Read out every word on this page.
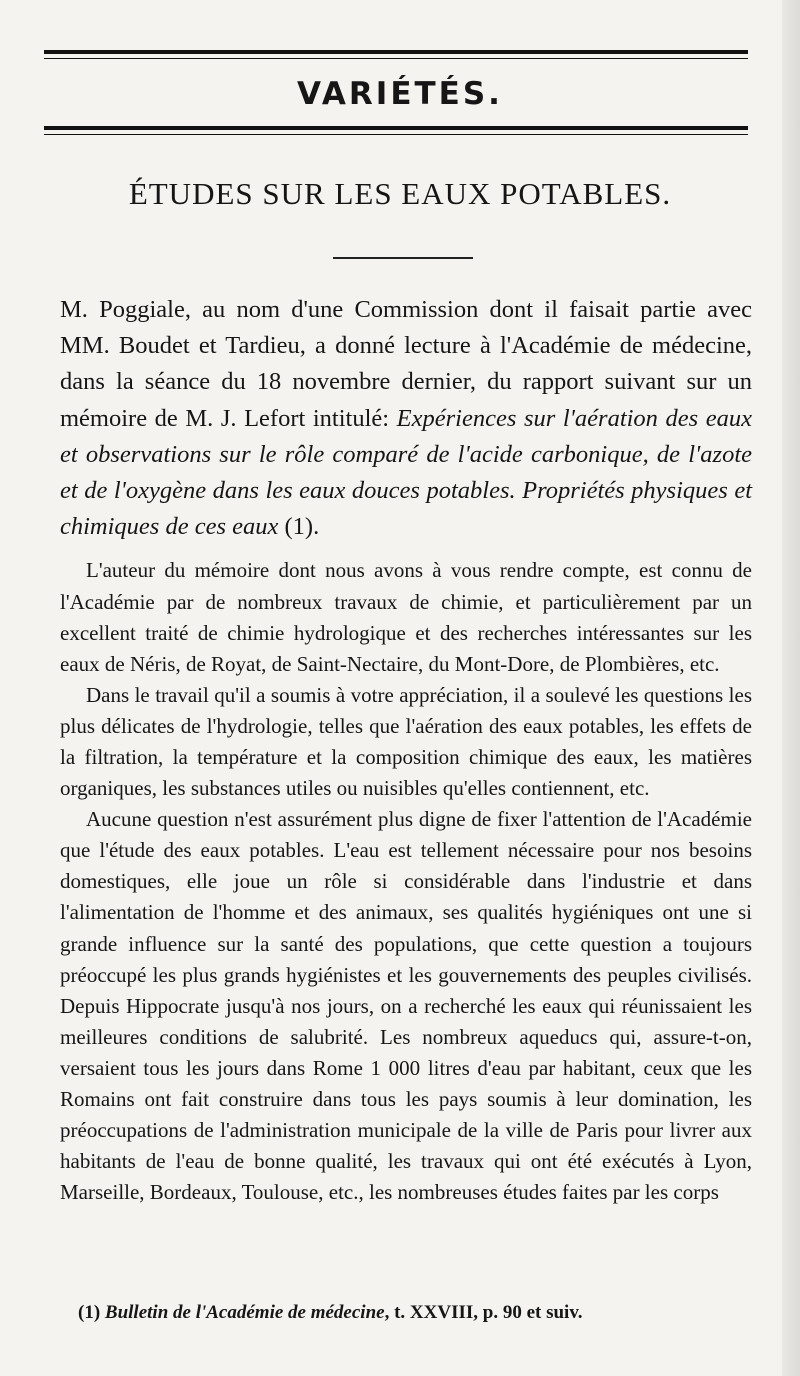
VARIÉTÉS.
ÉTUDES SUR LES EAUX POTABLES.

M. Poggiale, au nom d'une Commission dont il faisait partie avec MM. Boudet et Tardieu, a donné lecture à l'Académie de médecine, dans la séance du 18 novembre dernier, du rapport suivant sur un mémoire de M. J. Lefort intitulé: Expériences sur l'aération des eaux et observations sur le rôle comparé de l'acide carbonique, de l'azote et de l'oxygène dans les eaux douces potables. Propriétés physiques et chimiques de ces eaux (1).

L'auteur du mémoire dont nous avons à vous rendre compte, est connu de l'Académie par de nombreux travaux de chimie, et particulièrement par un excellent traité de chimie hydrologique et des recherches intéressantes sur les eaux de Néris, de Royat, de Saint-Nectaire, du Mont-Dore, de Plombières, etc.

Dans le travail qu'il a soumis à votre appréciation, il a soulevé les questions les plus délicates de l'hydrologie, telles que l'aération des eaux potables, les effets de la filtration, la température et la composition chimique des eaux, les matières organiques, les substances utiles ou nuisibles qu'elles contiennent, etc.

Aucune question n'est assurément plus digne de fixer l'attention de l'Académie que l'étude des eaux potables. L'eau est tellement nécessaire pour nos besoins domestiques, elle joue un rôle si considérable dans l'industrie et dans l'alimentation de l'homme et des animaux, ses qualités hygiéniques ont une si grande influence sur la santé des populations, que cette question a toujours préoccupé les plus grands hygiénistes et les gouvernements des peuples civilisés. Depuis Hippocrate jusqu'à nos jours, on a recherché les eaux qui réunissaient les meilleures conditions de salubrité. Les nombreux aqueducs qui, assure-t-on, versaient tous les jours dans Rome 1 000 litres d'eau par habitant, ceux que les Romains ont fait construire dans tous les pays soumis à leur domination, les préoccupations de l'administration municipale de la ville de Paris pour livrer aux habitants de l'eau de bonne qualité, les travaux qui ont été exécutés à Lyon, Marseille, Bordeaux, Toulouse, etc., les nombreuses études faites par les corps

(1) Bulletin de l'Académie de médecine, t. XXVIII, p. 90 et suiv.
